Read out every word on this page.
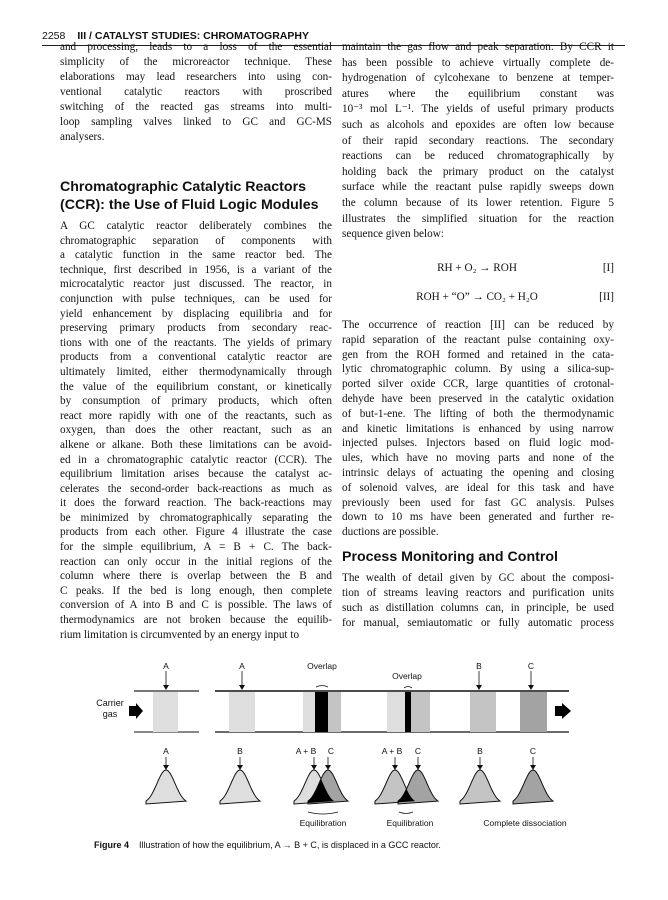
2258 III / CATALYST STUDIES: CHROMATOGRAPHY
and processing, leads to a loss of the essential
simplicity of the microreactor technique. These
elaborations may lead researchers into using con-
ventional catalytic reactors with proscribed
switching of the reacted gas streams into multi-
loop sampling valves linked to GC and GC-MS
analysers.
Chromatographic Catalytic Reactors (CCR): the Use of Fluid Logic Modules
A GC catalytic reactor deliberately combines the
chromatographic separation of components with
a catalytic function in the same reactor bed. The
technique, first described in 1956, is a variant of the
microcatalytic reactor just discussed. The reactor, in
conjunction with pulse techniques, can be used for
yield enhancement by displacing equilibria and for
preserving primary products from secondary reac-
tions with one of the reactants. The yields of primary
products from a conventional catalytic reactor are
ultimately limited, either thermodynamically through
the value of the equilibrium constant, or kinetically
by consumption of primary products, which often
react more rapidly with one of the reactants, such as
oxygen, than does the other reactant, such as an
alkene or alkane. Both these limitations can be avoid-
ed in a chromatographic catalytic reactor (CCR). The
equilibrium limitation arises because the catalyst ac-
celerates the second-order back-reactions as much as
it does the forward reaction. The back-reactions may
be minimized by chromatographically separating the
products from each other. Figure 4 illustrate the case
for the simple equilibrium, A = B + C. The back-
reaction can only occur in the initial regions of the
column where there is overlap between the B and
C peaks. If the bed is long enough, then complete
conversion of A into B and C is possible. The laws of
thermodynamics are not broken because the equilib-
rium limitation is circumvented by an energy input to
maintain the gas flow and peak separation. By CCR it
has been possible to achieve virtually complete de-
hydrogenation of cylcohexane to benzene at temper-
atures where the equilibrium constant was
10⁻³ mol L⁻¹. The yields of useful primary products
such as alcohols and epoxides are often low because
of their rapid secondary reactions. The secondary
reactions can be reduced chromatographically by
holding back the primary product on the catalyst
surface while the reactant pulse rapidly sweeps down
the column because of its lower retention. Figure 5
illustrates the simplified situation for the reaction
sequence given below:
RH + O₂ → ROH	[I]
ROH + “O” → CO₂ + H₂O	[II]
The occurrence of reaction [II] can be reduced by
rapid separation of the reactant pulse containing oxy-
gen from the ROH formed and retained in the cata-
lytic chromatographic column. By using a silica-sup-
ported silver oxide CCR, large quantities of crotonal-
dehyde have been preserved in the catalytic oxidation
of but-1-ene. The lifting of both the thermodynamic
and kinetic limitations is enhanced by using narrow
injected pulses. Injectors based on fluid logic mod-
ules, which have no moving parts and none of the
intrinsic delays of actuating the opening and closing
of solenoid valves, are ideal for this task and have
previously been used for fast GC analysis. Pulses
down to 10 ms have been generated and further re-
ductions are possible.
Process Monitoring and Control
The wealth of detail given by GC about the composi-
tion of streams leaving reactors and purification units
such as distillation columns can, in principle, be used
for manual, semiautomatic or fully automatic process
Carrier
gas
A	A	Overlap
Overlap
B	C
A	B	A + B C	A + B C	B	C
Equilibration	Equilibration	Complete dissociation
Figure 4 Illustration of how the equilibrium, A → B + C, is displaced in a GCC reactor.
